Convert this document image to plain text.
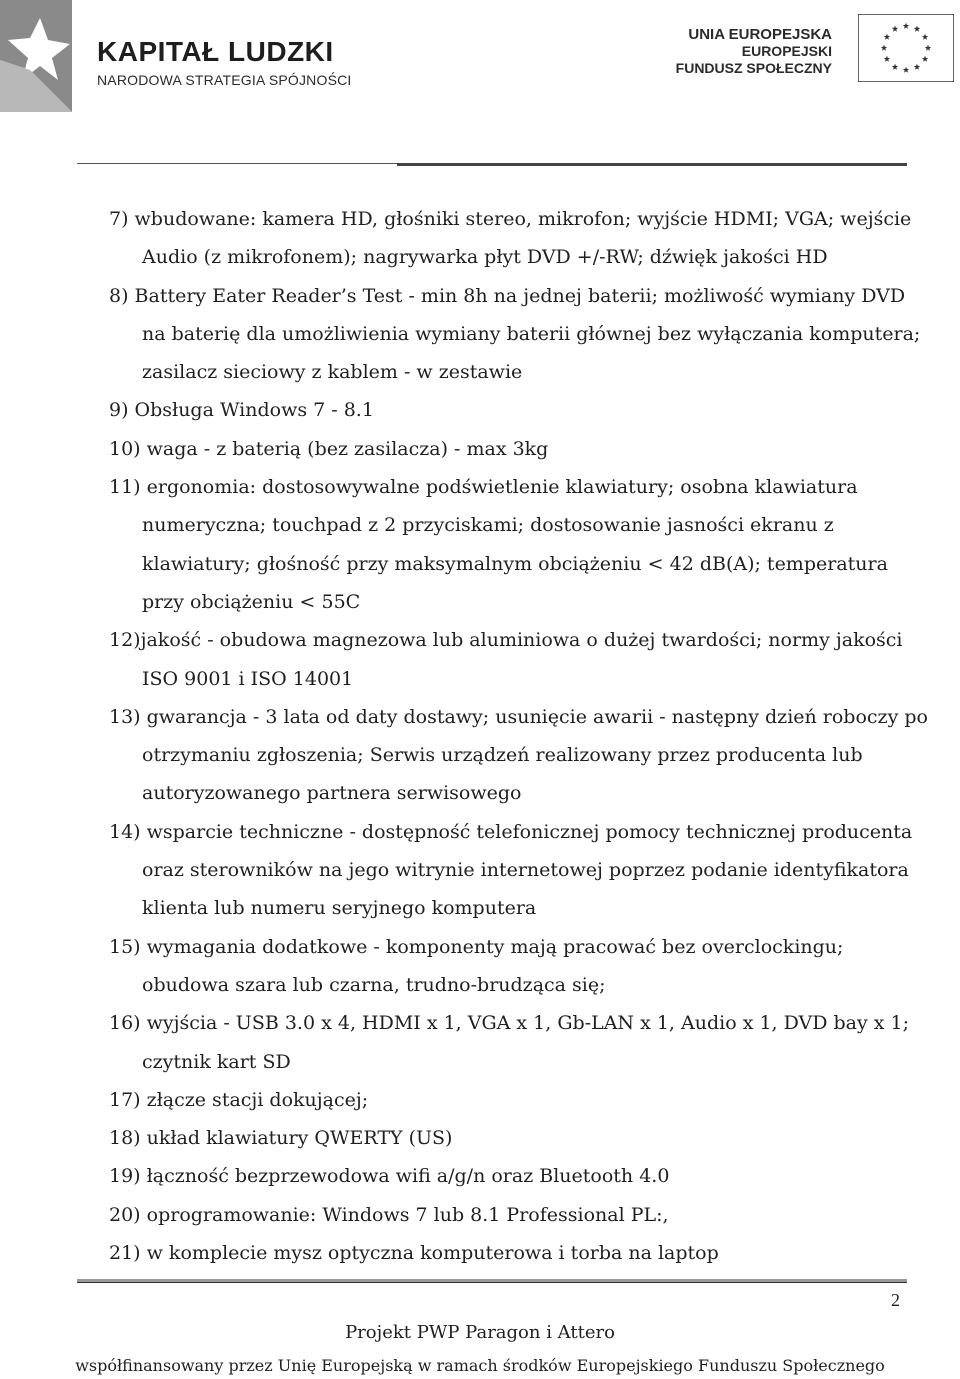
KAPITAŁ LUDZKI
NARODOWA STRATEGIA SPÓJNOŚCI
UNIA EUROPEJSKA
EUROPEJSKI
FUNDUSZ SPOŁECZNY
7) wbudowane: kamera HD, głośniki stereo, mikrofon; wyjście HDMI; VGA; wejście
Audio (z mikrofonem); nagrywarka płyt DVD +/-RW; dźwięk jakości HD
8) Battery Eater Reader’s Test - min 8h na jednej baterii; możliwość wymiany DVD
na baterię dla umożliwienia wymiany baterii głównej bez wyłączania komputera;
zasilacz sieciowy z kablem - w zestawie
9) Obsługa Windows 7 - 8.1
10) waga - z baterią (bez zasilacza) - max 3kg
11) ergonomia: dostosowywalne podświetlenie klawiatury; osobna klawiatura
numeryczna; touchpad z 2 przyciskami; dostosowanie jasności ekranu z
klawiatury; głośność przy maksymalnym obciążeniu < 42 dB(A); temperatura
przy obciążeniu < 55C
12)jakość - obudowa magnezowa lub aluminiowa o dużej twardości; normy jakości
ISO 9001 i ISO 14001
13) gwarancja - 3 lata od daty dostawy; usunięcie awarii - następny dzień roboczy po
otrzymaniu zgłoszenia; Serwis urządzeń realizowany przez producenta lub
autoryzowanego partnera serwisowego
14) wsparcie techniczne - dostępność telefonicznej pomocy technicznej producenta
oraz sterowników na jego witrynie internetowej poprzez podanie identyfikatora
klienta lub numeru seryjnego komputera
15) wymagania dodatkowe - komponenty mają pracować bez overclockingu;
obudowa szara lub czarna, trudno-brudząca się;
16) wyjścia - USB 3.0 x 4, HDMI x 1, VGA x 1, Gb-LAN x 1, Audio x 1, DVD bay x 1;
czytnik kart SD
17) złącze stacji dokującej;
18) układ klawiatury QWERTY (US)
19) łączność bezprzewodowa wifi a/g/n oraz Bluetooth 4.0
20) oprogramowanie: Windows 7 lub 8.1 Professional PL:,
21) w komplecie mysz optyczna komputerowa i torba na laptop
2
Projekt PWP Paragon i Attero
współfinansowany przez Unię Europejską w ramach środków Europejskiego Funduszu Społecznego
